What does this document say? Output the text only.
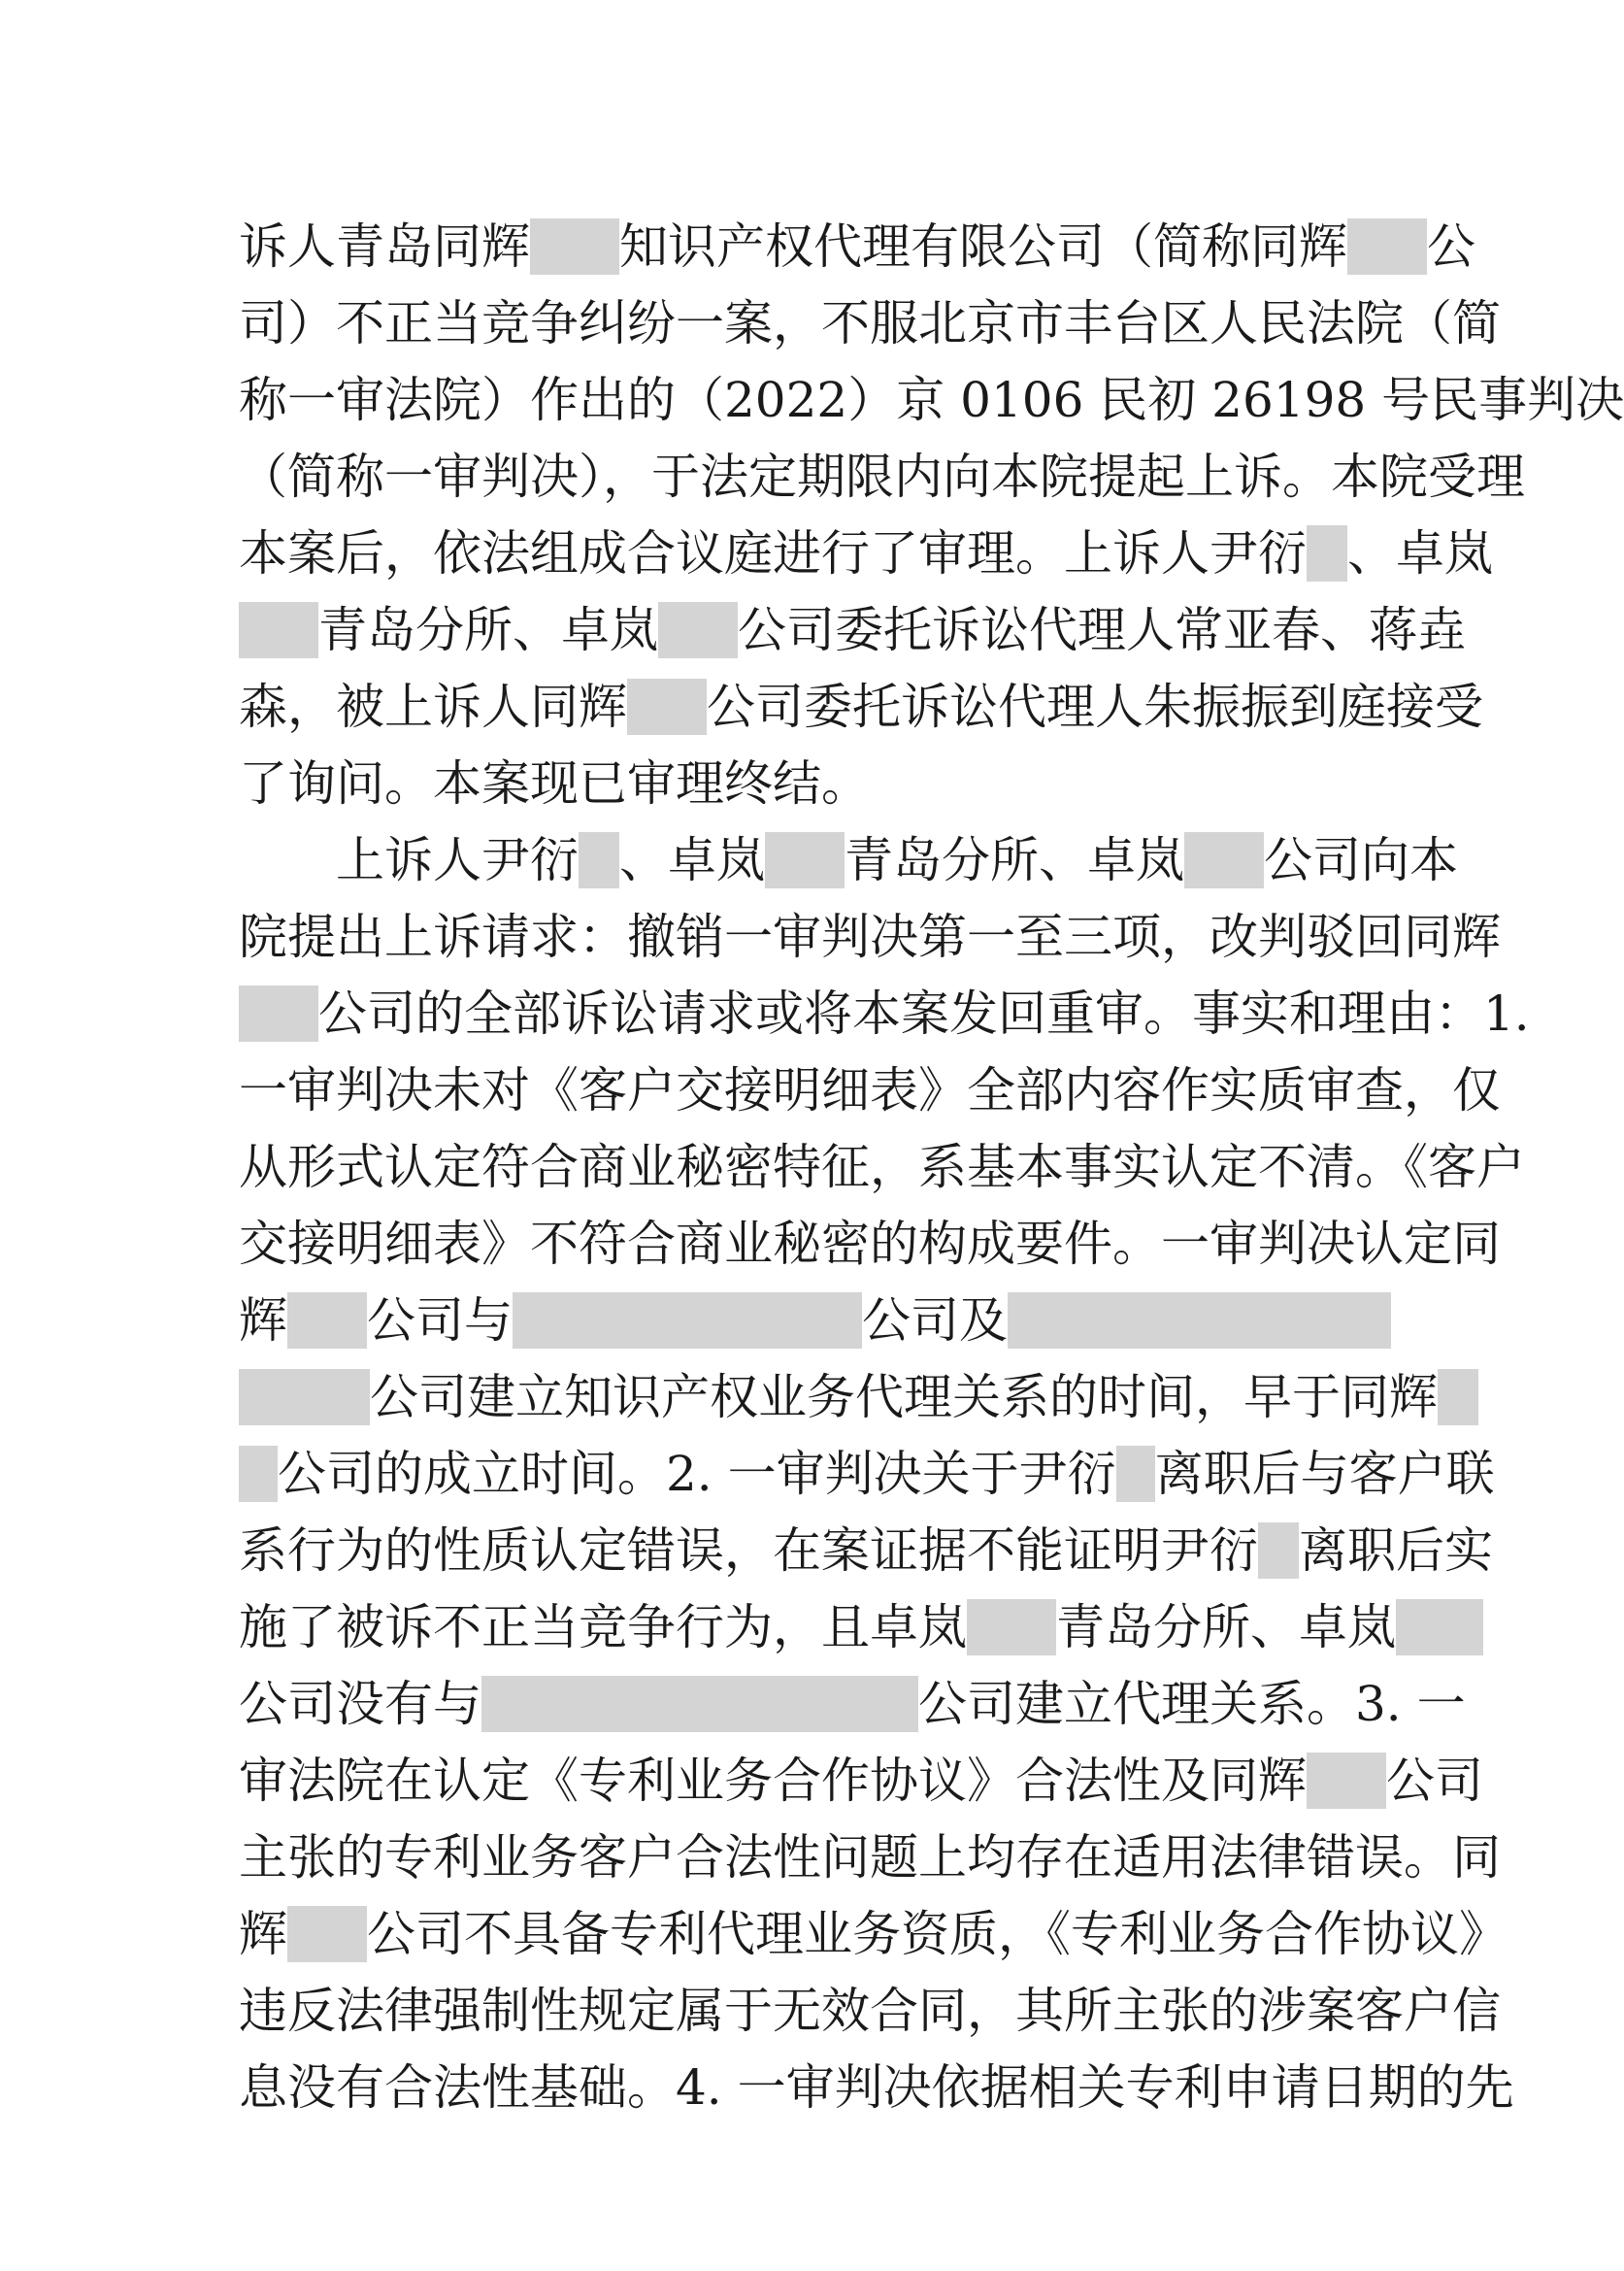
诉人青岛同辉 知识产权代理有限公司（简称同辉 公
司）不正当竞争纠纷一案，不服北京市丰台区人民法院（简
称一审法院）作出的（2022）京 0106 民初 26198 号民事判决
（简称一审判决），于法定期限内向本院提起上诉。本院受理
本案后，依法组成合议庭进行了审理。上诉人尹衍 、卓岚
青岛分所、卓岚 公司委托诉讼代理人常亚春、蒋垚
森，被上诉人同辉 公司委托诉讼代理人朱振振到庭接受
了询问。本案现已审理终结。
上诉人尹衍 、卓岚 青岛分所、卓岚 公司向本
院提出上诉请求：撤销一审判决第一至三项，改判驳回同辉
公司的全部诉讼请求或将本案发回重审。事实和理由：1.
一审判决未对《客户交接明细表》全部内容作实质审查，仅
从形式认定符合商业秘密特征，系基本事实认定不清。《客户
交接明细表》不符合商业秘密的构成要件。一审判决认定同
辉 公司与	公司及
公司建立知识产权业务代理关系的时间，早于同辉
公司的成立时间。2. 一审判决关于尹衍 离职后与客户联
系行为的性质认定错误，在案证据不能证明尹衍 离职后实
施了被诉不正当竞争行为，且卓岚 青岛分所、卓岚
公司没有与	公司建立代理关系。3. 一
审法院在认定《专利业务合作协议》合法性及同辉 公司
主张的专利业务客户合法性问题上均存在适用法律错误。同
辉 公司不具备专利代理业务资质，《专利业务合作协议》
违反法律强制性规定属于无效合同，其所主张的涉案客户信
息没有合法性基础。4. 一审判决依据相关专利申请日期的先
